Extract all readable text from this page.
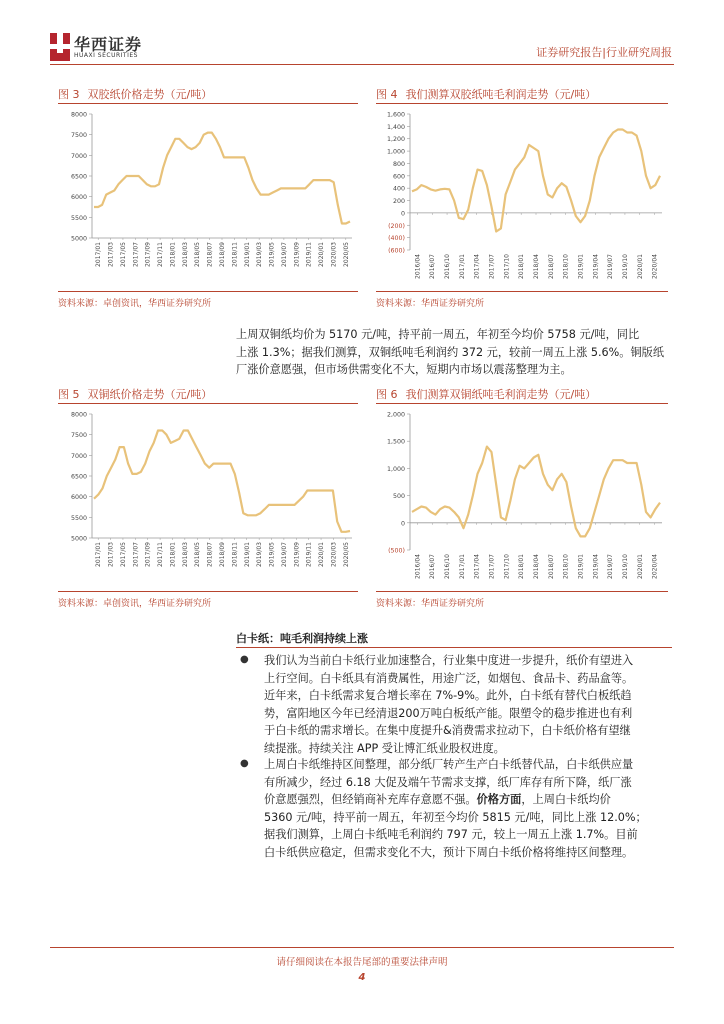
华西证券
HUAXI SECURITIES	证券研究报告|行业研究周报
图 3 双胶纸价格走势（元/吨）
8000
7500
7000
6500
6000
5500
5000
2017/01 2017/03 2017/05 2017/07 2017/09 2017/11 2018/01 2018/03 2018/05 2018/07 2018/09 2018/11 2019/01 2019/03 2019/05 2019/07 2019/09 2019/11 2020/01 2020/03 2020/05
资料来源：卓创资讯，华西证券研究所
图 4 我们测算双胶纸吨毛利润走势（元/吨）
1,600
1,400
1,200
1,000
800
600
400
200
0
(200)
(400)
(600)
2016/04 2016/07 2016/10 2017/01 2017/04 2017/07 2017/10 2018/01 2018/04 2018/07 2018/10 2019/01 2019/04 2019/07 2019/10 2020/01 2020/04
资料来源：华西证券研究所
上周双铜纸均价为 5170 元/吨，持平前一周五，年初至今均价 5758 元/吨，同比
上涨 1.3%；据我们测算，双铜纸吨毛利润约 372 元，较前一周五上涨 5.6%。铜版纸
厂涨价意愿强，但市场供需变化不大，短期内市场以震荡整理为主。
图 5 双铜纸价格走势（元/吨）
8000
7500
7000
6500
6000
5500
5000
2017/01 2017/03 2017/05 2017/07 2017/09 2017/11 2018/01 2018/03 2018/05 2018/07 2018/09 2018/11 2019/01 2019/03 2019/05 2019/07 2019/09 2019/11 2020/01 2020/03 2020/05
资料来源：卓创资讯，华西证券研究所
图 6 我们测算双铜纸吨毛利润走势（元/吨）
2,000
1,500
1,000
500
0
(500)
2016/04 2016/07 2016/10 2017/01 2017/04 2017/07 2017/10 2018/01 2018/04 2018/07 2018/10 2019/01 2019/04 2019/07 2019/10 2020/01 2020/04
资料来源：华西证券研究所
白卡纸：吨毛利润持续上涨
● 我们认为当前白卡纸行业加速整合，行业集中度进一步提升，纸价有望进入
上行空间。白卡纸具有消费属性，用途广泛，如烟包、食品卡、药品盒等。
近年来，白卡纸需求复合增长率在 7%-9%。此外，白卡纸有替代白板纸趋
势，富阳地区今年已经清退200万吨白板纸产能。限塑令的稳步推进也有利
于白卡纸的需求增长。在集中度提升&消费需求拉动下，白卡纸价格有望继
续提涨。持续关注 APP 受让博汇纸业股权进度。
● 上周白卡纸维持区间整理，部分纸厂转产生产白卡纸替代品，白卡纸供应量
有所减少，经过 6.18 大促及端午节需求支撑，纸厂库存有所下降，纸厂涨
价意愿强烈，但经销商补充库存意愿不强。价格方面，上周白卡纸均价
5360 元/吨，持平前一周五，年初至今均价 5815 元/吨，同比上涨 12.0%；
据我们测算，上周白卡纸吨毛利润约 797 元，较上一周五上涨 1.7%。目前
白卡纸供应稳定，但需求变化不大，预计下周白卡纸价格将维持区间整理。
请仔细阅读在本报告尾部的重要法律声明
4
